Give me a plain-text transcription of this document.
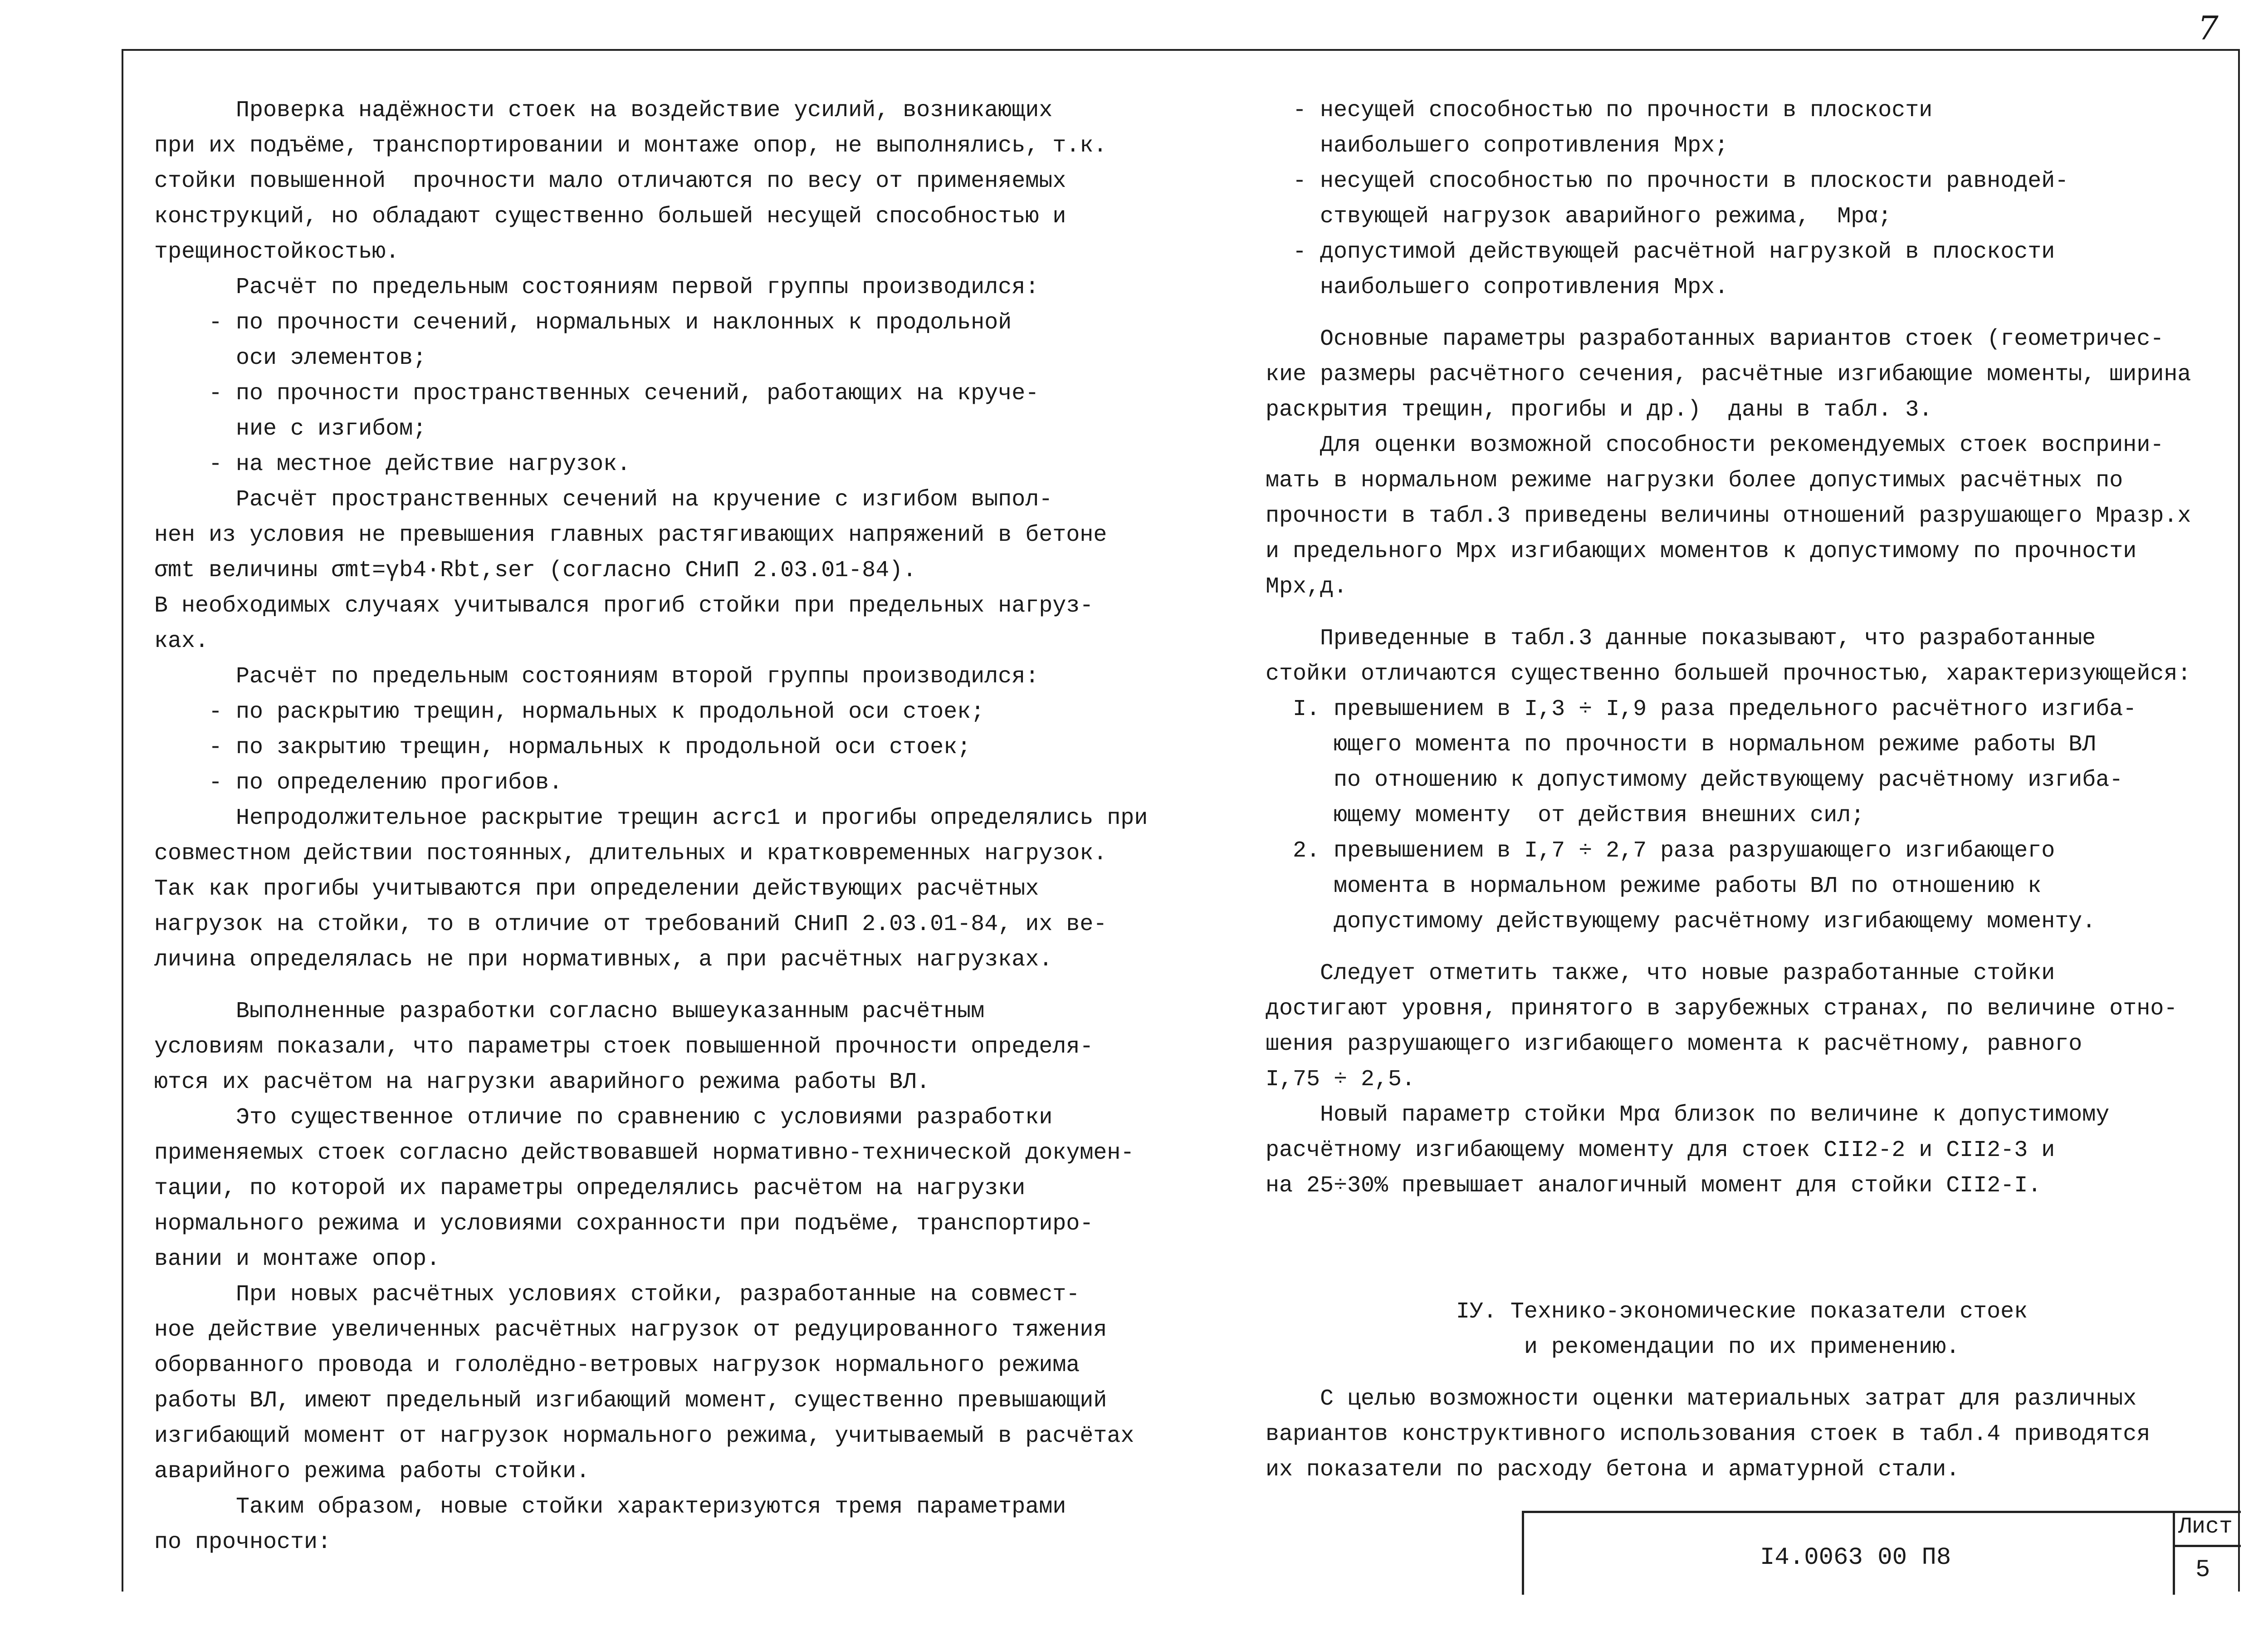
7

Проверка надёжности стоек на воздействие усилий, возникающих

при их подъёме, транспортировании и монтаже опор, не выполнялись, т.к.

стойки повышенной  прочности мало отличаются по весу от применяемых

конструкций, но обладают существенно большей несущей способностью и

трещиностойкостью.

Расчёт по предельным состояниям первой группы производился:

- по прочности сечений, нормальных и наклонных к продольной

оси элементов;

- по прочности пространственных сечений, работающих на круче-

ние с изгибом;

- на местное действие нагрузок.

Расчёт пространственных сечений на кручение с изгибом выпол-

нен из условия не превышения главных растягивающих напряжений в бетоне

σmt величины σmt=γb4·Rbt,ser (согласно СНиП 2.03.01-84).

В необходимых случаях учитывался прогиб стойки при предельных нагруз-

ках.

Расчёт по предельным состояниям второй группы производился:

- по раскрытию трещин, нормальных к продольной оси стоек;

- по закрытию трещин, нормальных к продольной оси стоек;

- по определению прогибов.

Непродолжительное раскрытие трещин acrc1 и прогибы определялись при

совместном действии постоянных, длительных и кратковременных нагрузок.

Так как прогибы учитываются при определении действующих расчётных

нагрузок на стойки, то в отличие от требований СНиП 2.03.01-84, их ве-

личина определялась не при нормативных, а при расчётных нагрузках.

Выполненные разработки согласно вышеуказанным расчётным

условиям показали, что параметры стоек повышенной прочности определя-

ются их расчётом на нагрузки аварийного режима работы ВЛ.

Это существенное отличие по сравнению с условиями разработки

применяемых стоек согласно действовавшей нормативно-технической докумен-

тации, по которой их параметры определялись расчётом на нагрузки

нормального режима и условиями сохранности при подъёме, транспортиро-

вании и монтаже опор.

При новых расчётных условиях стойки, разработанные на совмест-

ное действие увеличенных расчётных нагрузок от редуцированного тяжения

оборванного провода и гололёдно-ветровых нагрузок нормального режима

работы ВЛ, имеют предельный изгибающий момент, существенно превышающий

изгибающий момент от нагрузок нормального режима, учитываемый в расчётах

аварийного режима работы стойки.

Таким образом, новые стойки характеризуются тремя параметрами

по прочности:

- несущей способностью по прочности в плоскости

наибольшего сопротивления Mpx;

- несущей способностью по прочности в плоскости равнодей-

ствующей нагрузок аварийного режима,  Mpα;

- допустимой действующей расчётной нагрузкой в плоскости

наибольшего сопротивления Mpx.

Основные параметры разработанных вариантов стоек (геометричес-

кие размеры расчётного сечения, расчётные изгибающие моменты, ширина

раскрытия трещин, прогибы и др.)  даны в табл. 3.

Для оценки возможной способности рекомендуемых стоек восприни-

мать в нормальном режиме нагрузки более допустимых расчётных по

прочности в табл.3 приведены величины отношений разрушающего Mразр.x

и предельного Mpx изгибающих моментов к допустимому по прочности

Mpx,д.

Приведенные в табл.3 данные показывают, что разработанные

стойки отличаются существенно большей прочностью, характеризующейся:

I. превышением в I,3 ÷ I,9 раза предельного расчётного изгиба-

ющего момента по прочности в нормальном режиме работы ВЛ

по отношению к допустимому действующему расчётному изгиба-

ющему моменту  от действия внешних сил;

2. превышением в I,7 ÷ 2,7 раза разрушающего изгибающего

момента в нормальном режиме работы ВЛ по отношению к

допустимому действующему расчётному изгибающему моменту.

Следует отметить также, что новые разработанные стойки

достигают уровня, принятого в зарубежных странах, по величине отно-

шения разрушающего изгибающего момента к расчётному, равного

I,75 ÷ 2,5.

Новый параметр стойки Mpα близок по величине к допустимому

расчётному изгибающему моменту для стоек СII2-2 и СII2-3 и

на 25÷30% превышает аналогичный момент для стойки СII2-I.

IУ. Технико-экономические показатели стоек

и рекомендации по их применению.

С целью возможности оценки материальных затрат для различных

вариантов конструктивного использования стоек в табл.4 приводятся

их показатели по расходу бетона и арматурной стали.

I4.0063 00 П8
Лист
5
